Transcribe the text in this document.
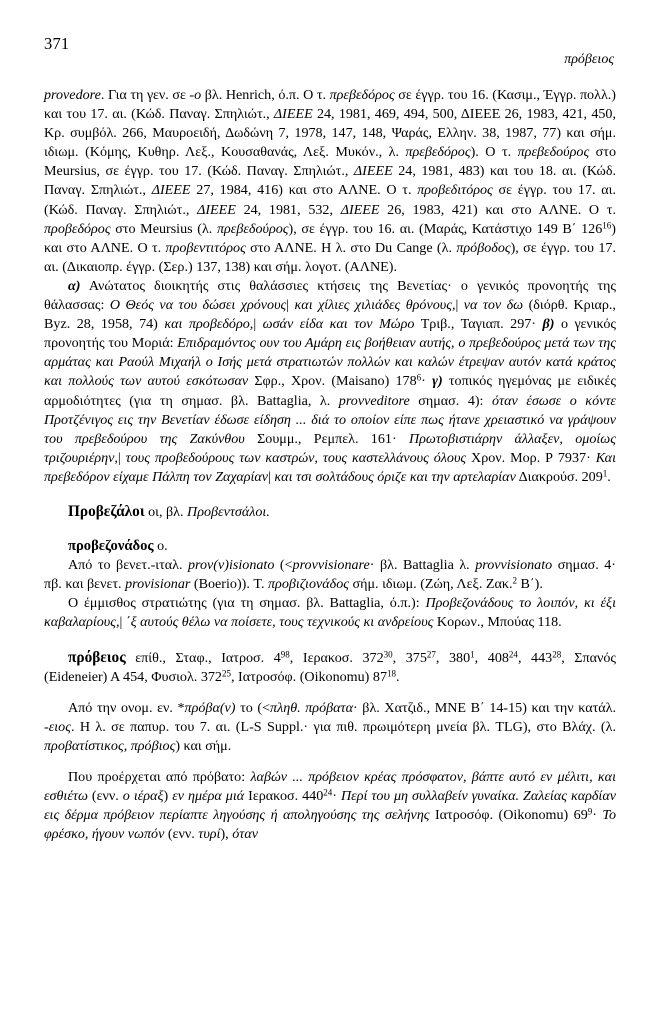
371
πρόβειος

provedore. Για τη γεν. σε -o βλ. Henrich, ό.π. Ο τ. πρεβεδόρος σε έγγρ. του 16. (Κασιμ., Έγγρ. πολλ.) και του 17. αι. (Κώδ. Παναγ. Σπηλιώτ., ΔΙΕΕΕ 24, 1981, 469, 494, 500, ΔΙΕΕΕ 26, 1983, 421, 450, Κρ. συμβόλ. 266, Μαυροειδή, Δωδώνη 7, 1978, 147, 148, Ψαράς, Ελλην. 38, 1987, 77) και σήμ. ιδιωμ. (Κόμης, Κυθηρ. Λεξ., Κουσαθανάς, Λεξ. Μυκόν., λ. πρεβεδόρος). Ο τ. πρεβεδούρος στο Meursius, σε έγγρ. του 17. (Κώδ. Παναγ. Σπηλιώτ., ΔΙΕΕΕ 24, 1981, 483) και του 18. αι. (Κώδ. Παναγ. Σπηλιώτ., ΔΙΕΕΕ 27, 1984, 416) και στο ΑΛΝΕ. Ο τ. προβεδιτόρος σε έγγρ. του 17. αι. (Κώδ. Παναγ. Σπηλιώτ., ΔΙΕΕΕ 24, 1981, 532, ΔΙΕΕΕ 26, 1983, 421) και στο ΑΛΝΕ. Ο τ. προβεδόρος στο Meursius (λ. πρεβεδούρος), σε έγγρ. του 16. αι. (Μαράς, Κατάστιχο 149 Β΄ $126^{16}$) και στο ΑΛΝΕ. Ο τ. προβεντιτόρος στο ΑΛΝΕ. Η λ. στο Du Cange (λ. πρόβοδος), σε έγγρ. του 17. αι. (Δικαιοπρ. έγγρ. (Σερ.) 137, 138) και σήμ. λογοτ. (ΑΛΝΕ).

α) Ανώτατος διοικητής στις θαλάσσιες κτήσεις της Βενετίας· ο γενικός προνοητής της θάλασσας: Ο Θεός να του δώσει χρόνους| και χίλιες χιλιάδες θρόνους,| να τον δω (διόρθ. Κριαρ., Byz. 28, 1958, 74) και προβεδόρο,| ωσάν είδα και τον Μώρο Τριβ., Ταγιαπ. 297· β) ο γενικός προνοητής του Μοριά: Επιδραμόντος ουν του Αμάρη εις βοήθειαν αυτής, ο πρεβεδούρος μετά των της αρμάτας και Ραούλ Μιχαήλ ο Ισής μετά στρατιωτών πολλών και καλών έτρεψαν αυτόν κατά κράτος και πολλούς των αυτού εσκότωσαν Σφρ., Χρον. (Maisano) $178^6\cdot \gamma$) τοπικός ηγεμόνας με ειδικές αρμοδιότητες (για τη σημασ. βλ. Battaglia, λ. provveditore σημασ. 4): όταν έσωσε ο κόντε Προτζένιγος εις την Βενετίαν έδωσε είδηση ... διά το οποίον είπε πως ήτανε χρειαστικό να γράψουν του πρεβεδούρου της Ζακύνθου Σουμμ., Ρεμπελ. 161· Πρωτοβιστιάρην άλλαξεν, ομοίως τριζουριέρην,| τους προβεδούρους των καστρών, τους καστελλάνους όλους Χρον. Μορ. Ρ 7937· Και πρεβεδόρον είχαμε Πάλπη τον Ζαχαρίαν| και τσι σολτάδους όριζε και την αρτελαρίαν Διακρούσ. $209^1$.

Προβεζάλοι οι, βλ. Προβεντσάλοι.

προβεζονάδος ο.

Από το βενετ.-ιταλ. prov(v)isionato (<provvisionare· βλ. Battaglia λ. provvisionato σημασ. 4· πβ. και βενετ. provisionar (Boerio)). Τ. προβιζιονάδος σήμ. ιδιωμ. (Ζώη, Λεξ. Ζακ.$^2$ Β΄).

Ο έμμισθος στρατιώτης (για τη σημασ. βλ. Battaglia, ό.π.): Προβεζονάδους το λοιπόν, κι έξι καβαλαρίους,| ΄ξ αυτούς θέλω να ποίσετε, τους τεχνικούς κι ανδρείους Κορων., Μπούας 118.

πρόβειος επίθ., Σταφ., Ιατροσ. $4^{98}$, Ιερακοσ. $372^{30}$, $375^{27}$, $380^1$, $408^{24}$, $443^{28}$, Σπανός (Eideneier) Α 454, Φυσιολ. $372^{25}$, Ιατροσόφ. (Oikonomu) $87^{18}$.

Από την ονομ. εν. *πρόβα(ν) το (<πληθ. πρόβατα· βλ. Χατζιδ., ΜΝΕ Β΄ 14-15) και την κατάλ. -ειος. Η λ. σε παπυρ. του 7. αι. (L-S Suppl.· για πιθ. πρωιμότερη μνεία βλ. TLG), στο Βλάχ. (λ. προβατίστικος, πρόβιος) και σήμ.

Που προέρχεται από πρόβατο: λαβών ... πρόβειον κρέας πρόσφατον, βάπτε αυτό εν μέλιτι, και εσθιέτω (ενν. ο ιέραξ) εν ημέρα μιά Ιερακοσ. $440^{24}\cdot \Pi\varepsilon\rho ί$ του μη συλλαβείν γυναίκα. Ζαλείας καρδίαν εις δέρμα πρόβειον περίαπτε ληγούσης ή αποληγούσης της σελήνης Ιατροσόφ. (Oikonomu) $69^9\cdot To$ φρέσκο, ήγουν νωπόν (ενν. τυρί), όταν
